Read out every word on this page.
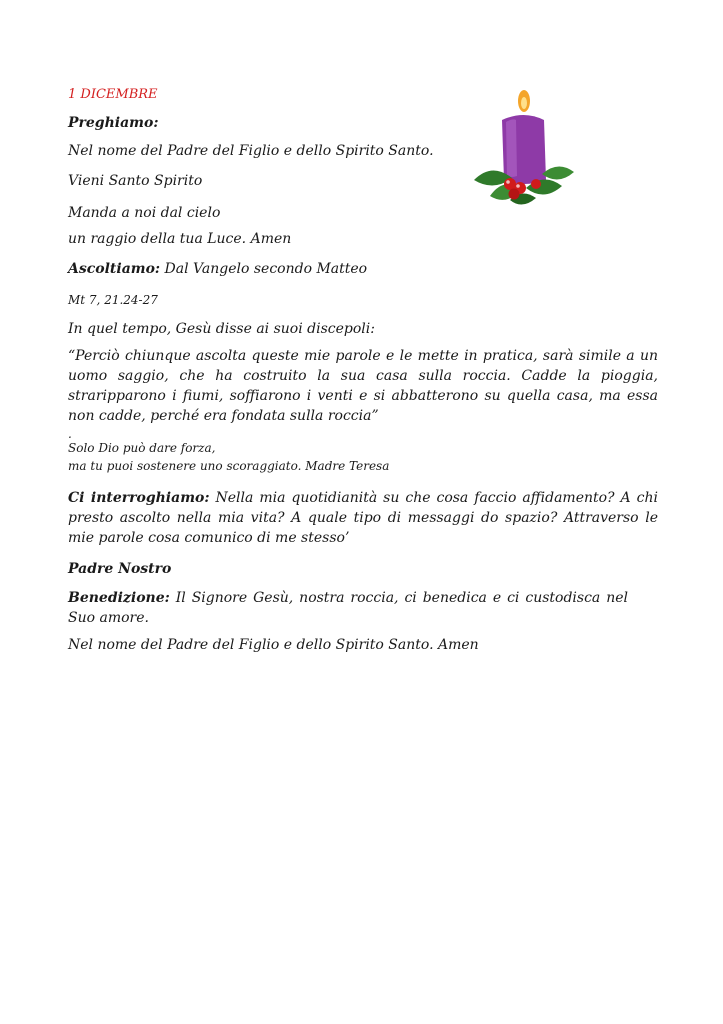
1 DICEMBRE
Preghiamo:
Nel nome del Padre del Figlio e dello Spirito Santo.
Vieni Santo Spirito
Manda a noi dal cielo
un raggio della tua Luce. Amen
Ascoltiamo: Dal Vangelo secondo Matteo
Mt 7, 21.24-27
In quel tempo, Gesù disse ai suoi discepoli:
“Perciò chiunque ascolta queste mie parole e le mette in pratica, sarà simile a un uomo saggio, che ha costruito la sua casa sulla roccia. Cadde la pioggia, straripparono i fiumi, soffiarono i venti e si abbatterono su quella casa, ma essa non cadde, perché era fondata sulla roccia”
.
Solo Dio può dare forza,
ma tu puoi sostenere uno scoraggiato. Madre Teresa
Ci interroghiamo: Nella mia quotidianità su che cosa faccio affidamento? A chi presto ascolto nella mia vita? A quale tipo di messaggi do spazio? Attraverso le mie parole cosa comunico di me stesso’
Padre Nostro
Benedizione: Il Signore Gesù, nostra roccia, ci benedica e ci custodisca nel Suo amore.
Nel nome del Padre del Figlio e dello Spirito Santo. Amen
